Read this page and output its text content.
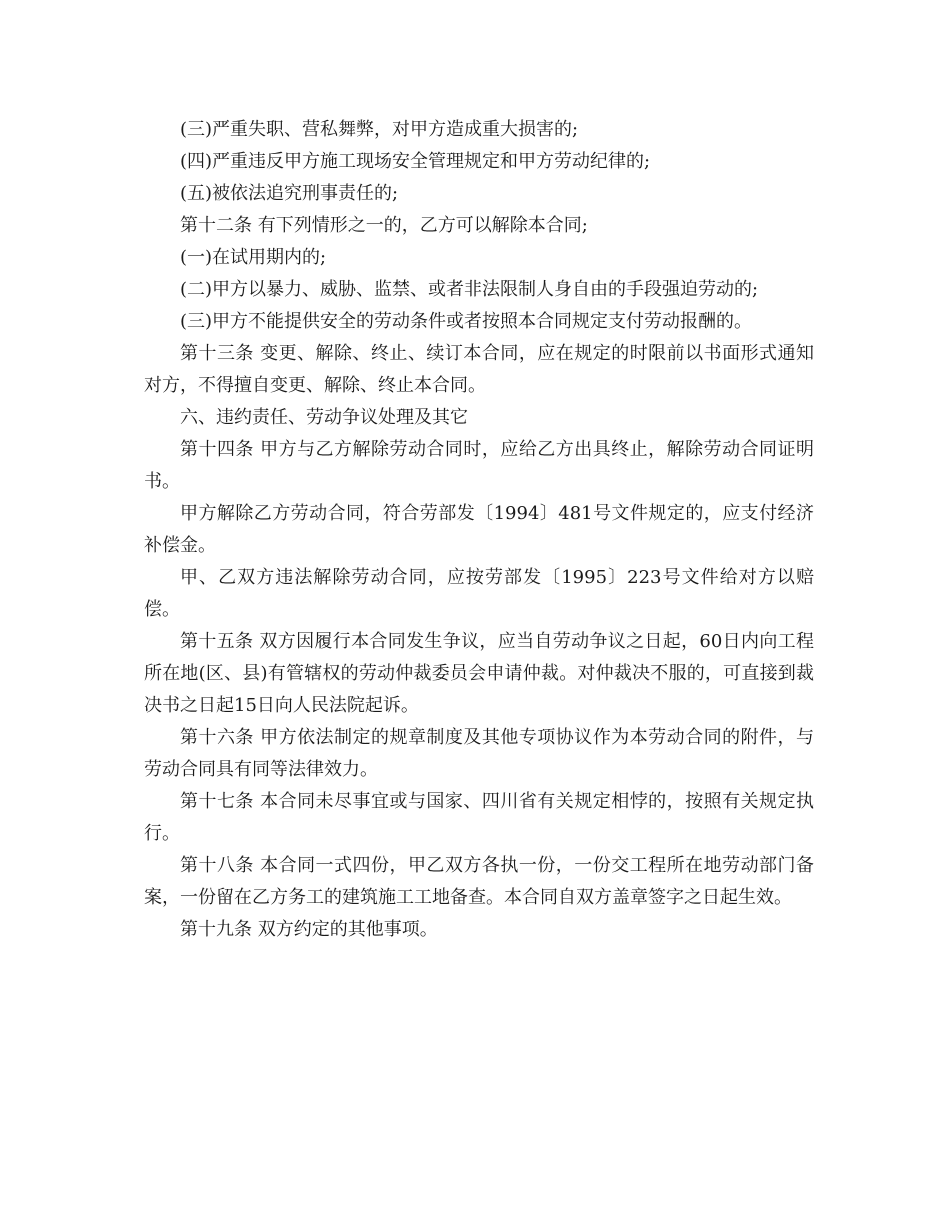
(三)严重失职、营私舞弊，对甲方造成重大损害的;

(四)严重违反甲方施工现场安全管理规定和甲方劳动纪律的;

(五)被依法追究刑事责任的;

第十二条 有下列情形之一的，乙方可以解除本合同;

(一)在试用期内的;

(二)甲方以暴力、威胁、监禁、或者非法限制人身自由的手段强迫劳动的;

(三)甲方不能提供安全的劳动条件或者按照本合同规定支付劳动报酬的。

第十三条 变更、解除、终止、续订本合同，应在规定的时限前以书面形式通知对方，不得擅自变更、解除、终止本合同。

六、违约责任、劳动争议处理及其它

第十四条 甲方与乙方解除劳动合同时，应给乙方出具终止，解除劳动合同证明书。

甲方解除乙方劳动合同，符合劳部发〔1994〕481号文件规定的，应支付经济补偿金。

甲、乙双方违法解除劳动合同，应按劳部发〔1995〕223号文件给对方以赔偿。

第十五条 双方因履行本合同发生争议，应当自劳动争议之日起，60日内向工程所在地(区、县)有管辖权的劳动仲裁委员会申请仲裁。对仲裁决不服的，可直接到裁决书之日起15日向人民法院起诉。

第十六条 甲方依法制定的规章制度及其他专项协议作为本劳动合同的附件，与劳动合同具有同等法律效力。

第十七条 本合同未尽事宜或与国家、四川省有关规定相悖的，按照有关规定执行。

第十八条 本合同一式四份，甲乙双方各执一份，一份交工程所在地劳动部门备案，一份留在乙方务工的建筑施工工地备查。本合同自双方盖章签字之日起生效。

第十九条 双方约定的其他事项。
